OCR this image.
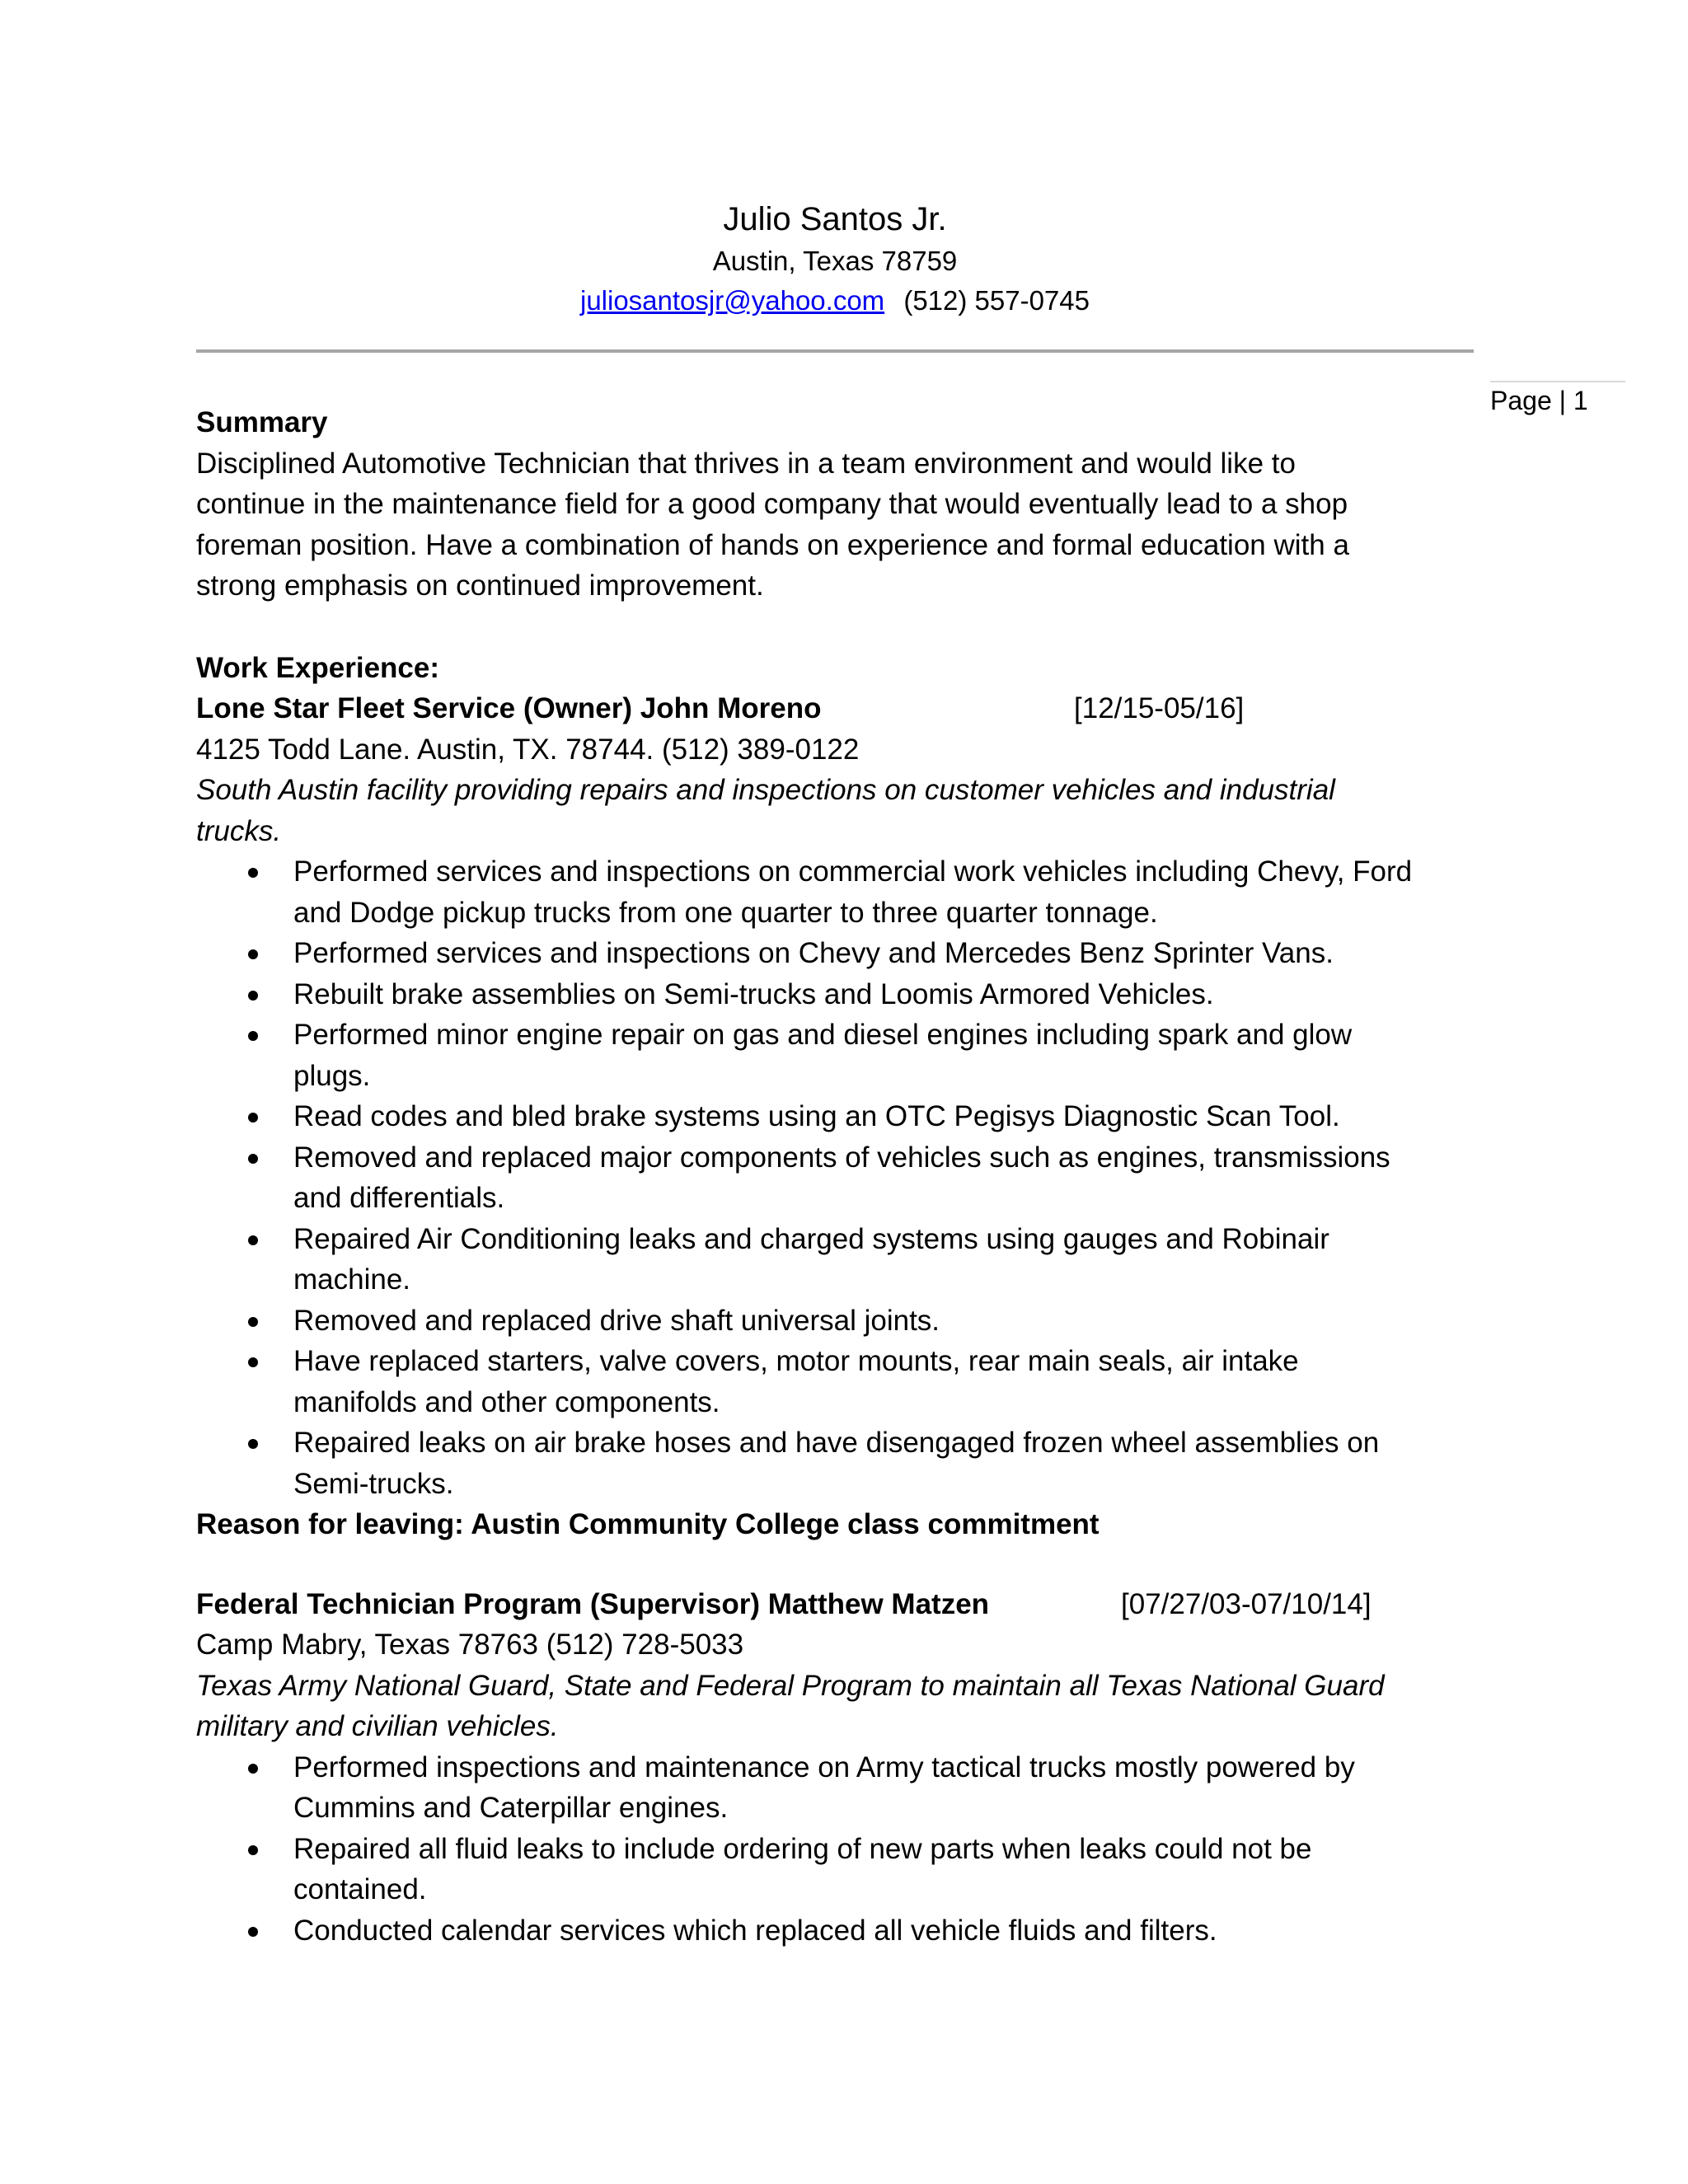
Julio Santos Jr.
Austin, Texas 78759
juliosantosjr@yahoo.com (512) 557-0745
Page | 1
Summary
Disciplined Automotive Technician that thrives in a team environment and would like to
continue in the maintenance field for a good company that would eventually lead to a shop
foreman position. Have a combination of hands on experience and formal education with a
strong emphasis on continued improvement.
Work Experience:
Lone Star Fleet Service (Owner) John Moreno	[12/15-05/16]
4125 Todd Lane. Austin, TX. 78744. (512) 389-0122
South Austin facility providing repairs and inspections on customer vehicles and industrial
trucks.
Performed services and inspections on commercial work vehicles including Chevy, Ford
and Dodge pickup trucks from one quarter to three quarter tonnage.
Performed services and inspections on Chevy and Mercedes Benz Sprinter Vans.
Rebuilt brake assemblies on Semi-trucks and Loomis Armored Vehicles.
Performed minor engine repair on gas and diesel engines including spark and glow
plugs.
Read codes and bled brake systems using an OTC Pegisys Diagnostic Scan Tool.
Removed and replaced major components of vehicles such as engines, transmissions
and differentials.
Repaired Air Conditioning leaks and charged systems using gauges and Robinair
machine.
Removed and replaced drive shaft universal joints.
Have replaced starters, valve covers, motor mounts, rear main seals, air intake
manifolds and other components.
Repaired leaks on air brake hoses and have disengaged frozen wheel assemblies on
Semi-trucks.
Reason for leaving: Austin Community College class commitment
Federal Technician Program (Supervisor) Matthew Matzen	[07/27/03-07/10/14]
Camp Mabry, Texas 78763 (512) 728-5033
Texas Army National Guard, State and Federal Program to maintain all Texas National Guard
military and civilian vehicles.
Performed inspections and maintenance on Army tactical trucks mostly powered by
Cummins and Caterpillar engines.
Repaired all fluid leaks to include ordering of new parts when leaks could not be
contained.
Conducted calendar services which replaced all vehicle fluids and filters.
